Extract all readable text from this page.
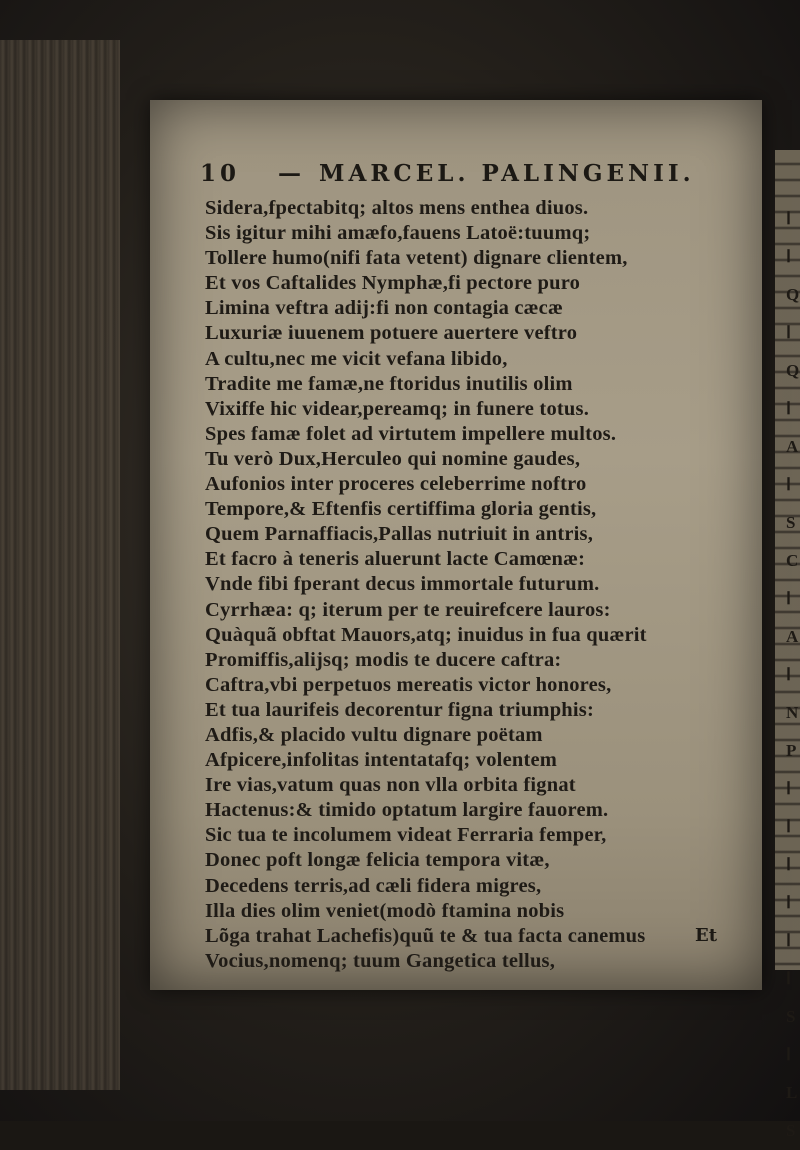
Ⅰ
Ⅰ
Q
Ⅰ
Q
Ⅰ
A
Ⅰ
S
C
Ⅰ
A
Ⅰ
N
P
Ⅰ
Ⅰ
Ⅰ
Ⅰ
Ⅰ
Ⅰ
S
Ⅰ
L
S
10 — MARCEL. PALINGENII.
Sidera,fpectabitq; altos mens enthea diuos.
Sis igitur mihi amæfo,fauens Latoë:tuumq;
Tollere humo(nifi fata vetent) dignare clientem,
Et vos Caftalides Nymphæ,fi pectore puro
Limina veftra adij:fi non contagia cæcæ
Luxuriæ iuuenem potuere auertere veftro
A cultu,nec me vicit vefana libido,
Tradite me famæ,ne ftoridus inutilis olim
Vixiffe hic videar,pereamq; in funere totus.
Spes famæ folet ad virtutem impellere multos.
Tu verò Dux,Herculeo qui nomine gaudes,
Aufonios inter proceres celeberrime noftro
Tempore,& Eftenfis certiffima gloria gentis,
Quem Parnaffiacis,Pallas nutriuit in antris,
Et facro à teneris aluerunt lacte Camœnæ:
Vnde fibi fperant decus immortale futurum.
Cyrrhæa: q; iterum per te reuirefcere lauros:
Quàquã obftat Mauors,atq; inuidus in fua quærit
Promiffis,alijsq; modis te ducere caftra:
Caftra,vbi perpetuos mereatis victor honores,
Et tua laurifeis decorentur figna triumphis:
Adfis,& placido vultu dignare poëtam
Afpicere,infolitas intentatafq; volentem
Ire vias,vatum quas non vlla orbita fignat
Hactenus:& timido optatum largire fauorem.
Sic tua te incolumem videat Ferraria femper,
Donec poft longæ felicia tempora vitæ,
Decedens terris,ad cæli fidera migres,
Illa dies olim veniet(modò ftamina nobis
Lõga trahat Lachefis)quũ te & tua facta canemus
Vocius,nomenq; tuum Gangetica tellus,
Et
